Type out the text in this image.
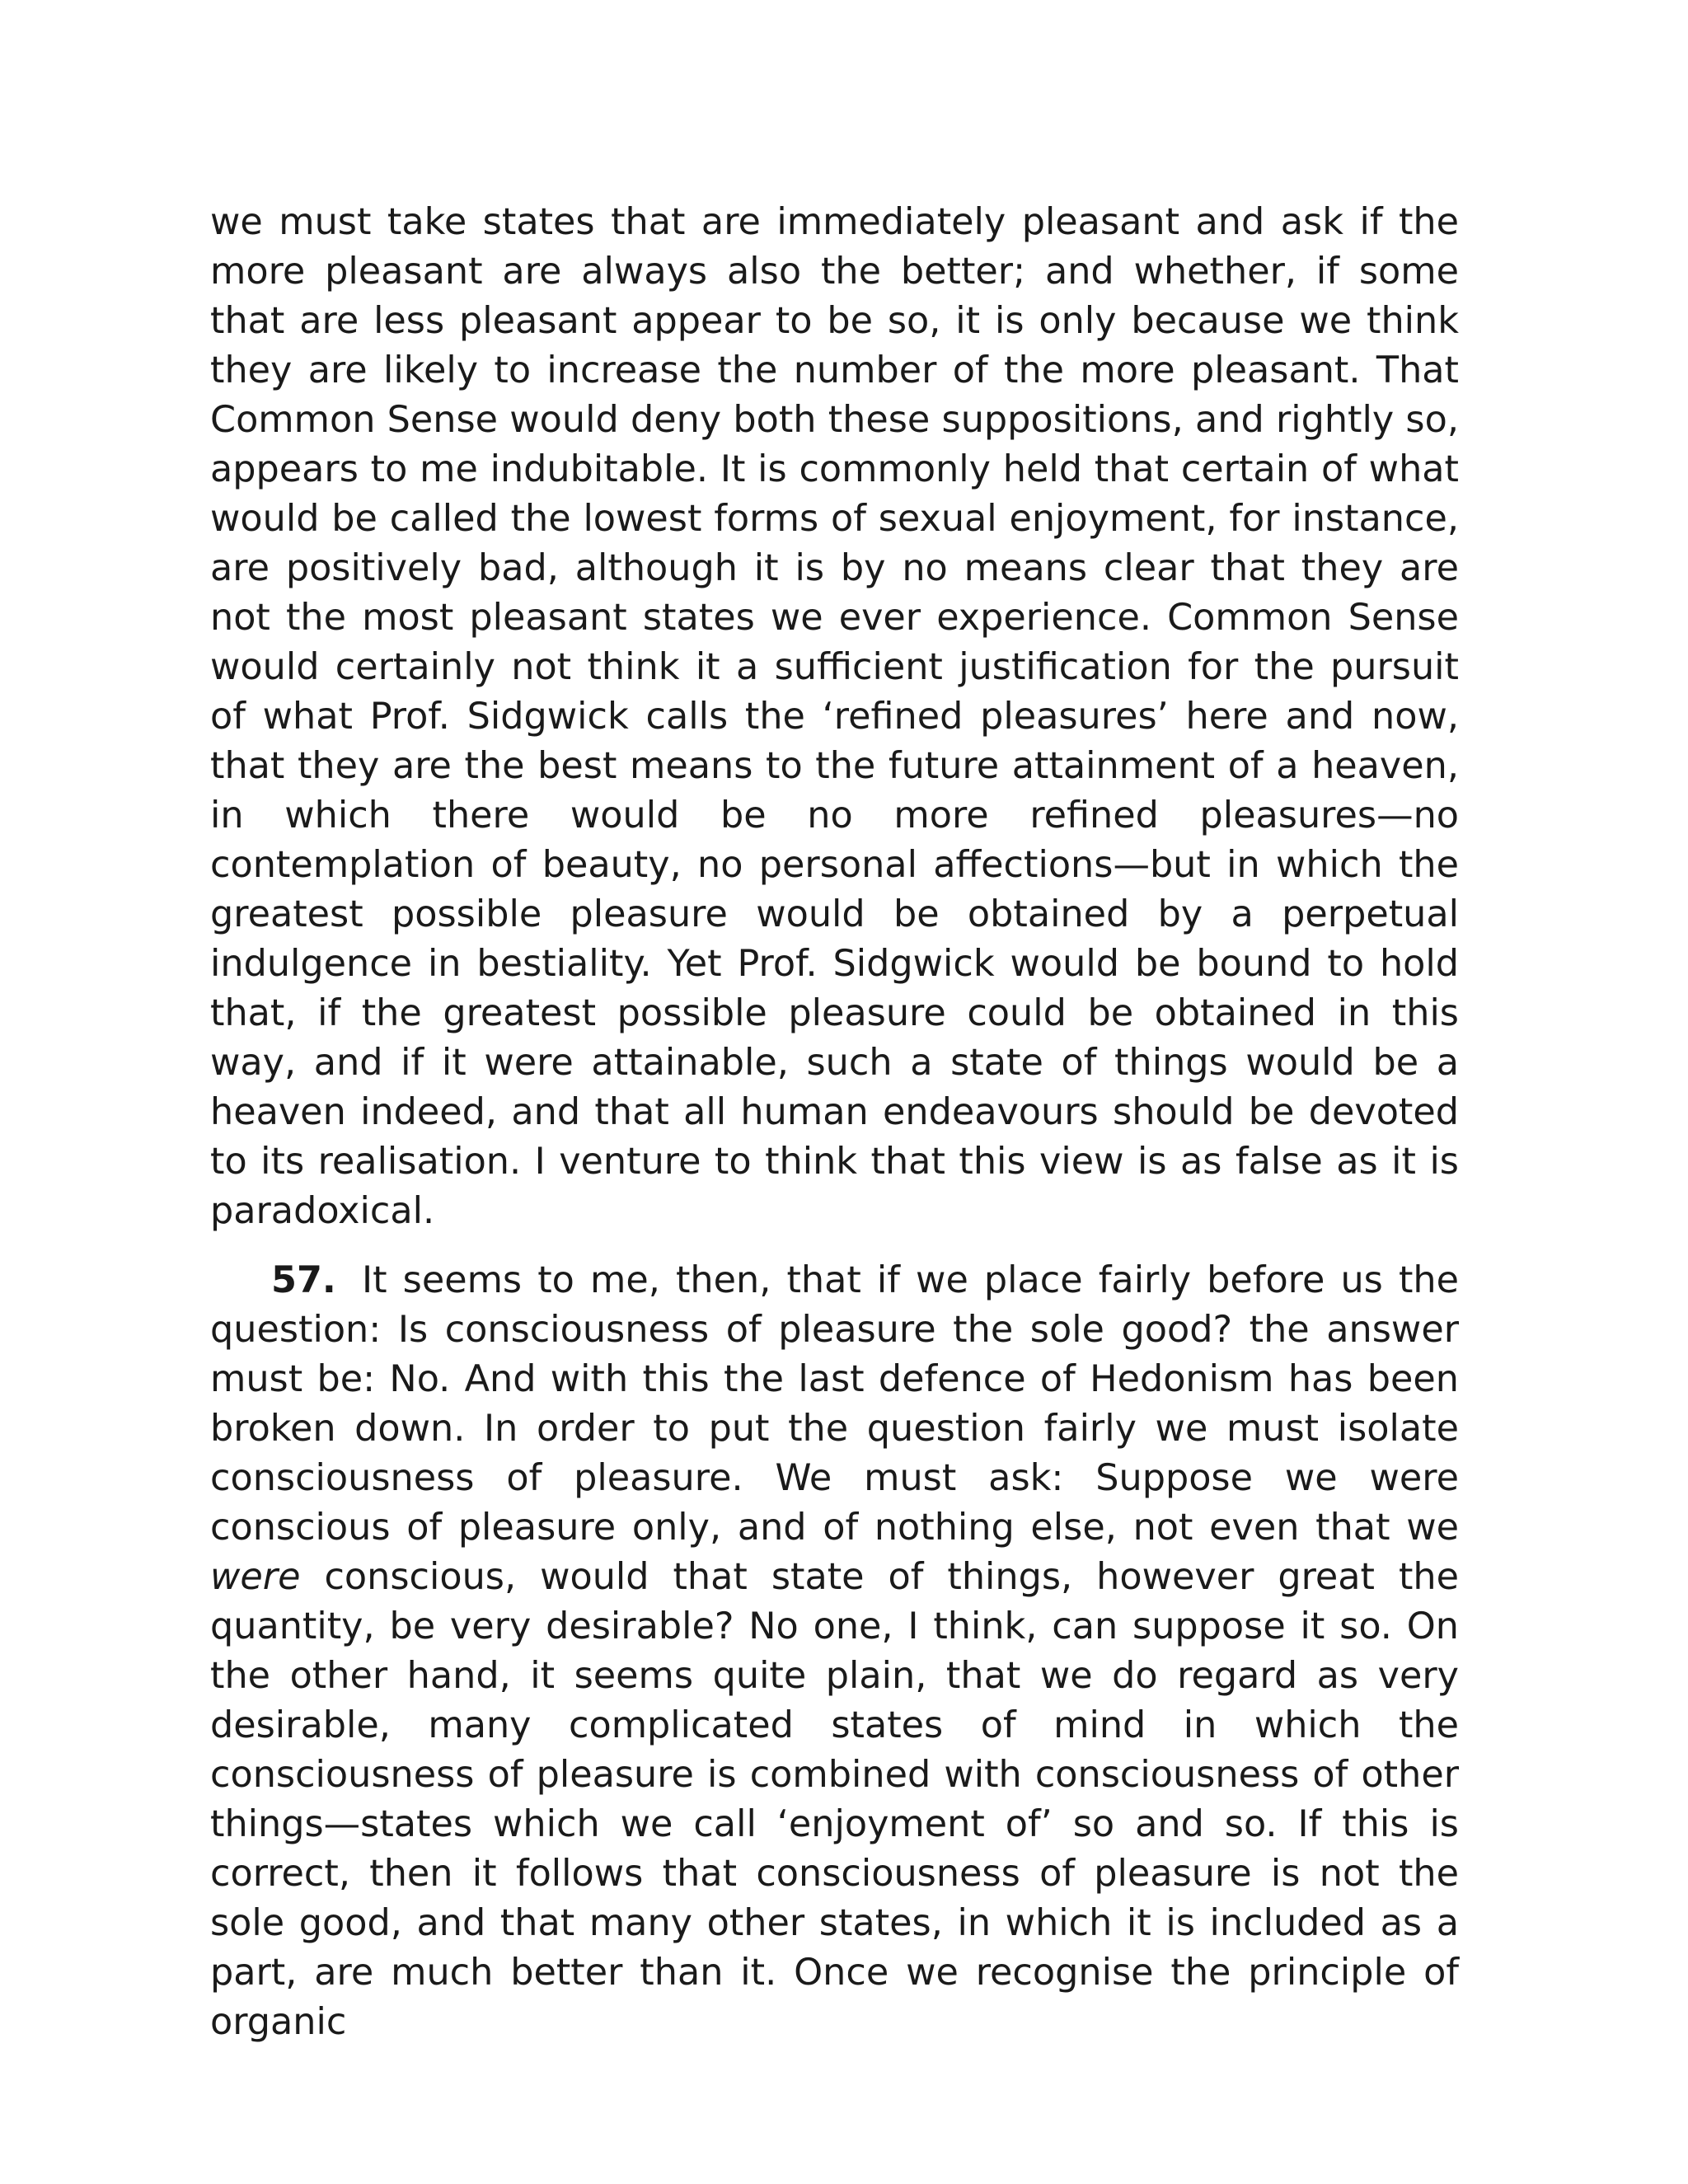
we must take states that are immediately pleasant and ask if the more pleasant are always also the better; and whether, if some that are less pleasant appear to be so, it is only because we think they are likely to increase the number of the more pleasant. That Common Sense would deny both these suppositions, and rightly so, appears to me indubitable. It is commonly held that certain of what would be called the lowest forms of sexual enjoyment, for instance, are positively bad, although it is by no means clear that they are not the most pleasant states we ever experience. Common Sense would certainly not think it a sufficient justification for the pursuit of what Prof. Sidgwick calls the ‘refined pleasures’ here and now, that they are the best means to the future attainment of a heaven, in which there would be no more refined pleasures—no contemplation of beauty, no personal affections—but in which the greatest possible pleasure would be obtained by a perpetual indulgence in bestiality. Yet Prof. Sidgwick would be bound to hold that, if the greatest possible pleasure could be obtained in this way, and if it were attainable, such a state of things would be a heaven indeed, and that all human endeavours should be devoted to its realisation. I venture to think that this view is as false as it is paradoxical.

57. It seems to me, then, that if we place fairly before us the question: Is consciousness of pleasure the sole good? the answer must be: No. And with this the last defence of Hedonism has been broken down. In order to put the question fairly we must isolate consciousness of pleasure. We must ask: Suppose we were conscious of pleasure only, and of nothing else, not even that we were conscious, would that state of things, however great the quantity, be very desirable? No one, I think, can suppose it so. On the other hand, it seems quite plain, that we do regard as very desirable, many complicated states of mind in which the consciousness of pleasure is combined with consciousness of other things—states which we call ‘enjoyment of’ so and so. If this is correct, then it follows that consciousness of pleasure is not the sole good, and that many other states, in which it is included as a part, are much better than it. Once we recognise the principle of organic
